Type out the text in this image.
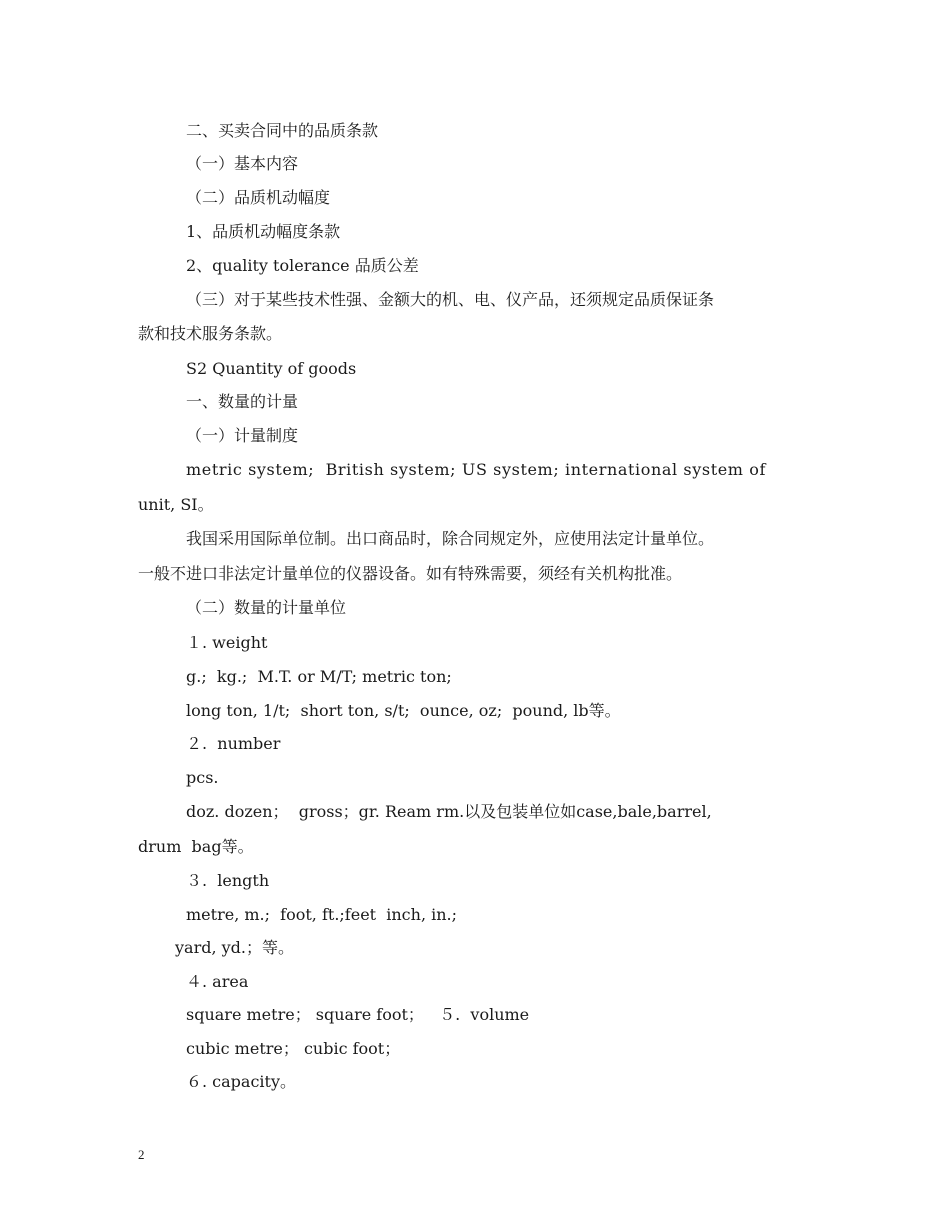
二、买卖合同中的品质条款
（一）基本内容
（二）品质机动幅度
1、品质机动幅度条款
2、quality tolerance 品质公差
（三）对于某些技术性强、金额大的机、电、仪产品，还须规定品质保证条
款和技术服务条款。
S2 Quantity of goods
一、数量的计量
（一）计量制度
metric system;  British system; US system; international system of
unit, SI。
我国采用国际单位制。出口商品时，除合同规定外，应使用法定计量单位。
一般不进口非法定计量单位的仪器设备。如有特殊需要，须经有关机构批准。
（二）数量的计量单位
１. weight
g.;  kg.;  M.T. or M/T; metric ton;
long ton, 1/t;  short ton, s/t;  ounce, oz;  pound, lb等。
２.  number
pcs.
doz. dozen；  gross；gr. Ream rm.以及包装单位如case,bale,barrel,
drum  bag等。
３.  length
metre, m.;  foot, ft.;feet  inch, in.;
yard, yd.；等。
４. area
square metre； square foot；   ５.  volume
cubic metre； cubic foot；
６. capacity。
2
